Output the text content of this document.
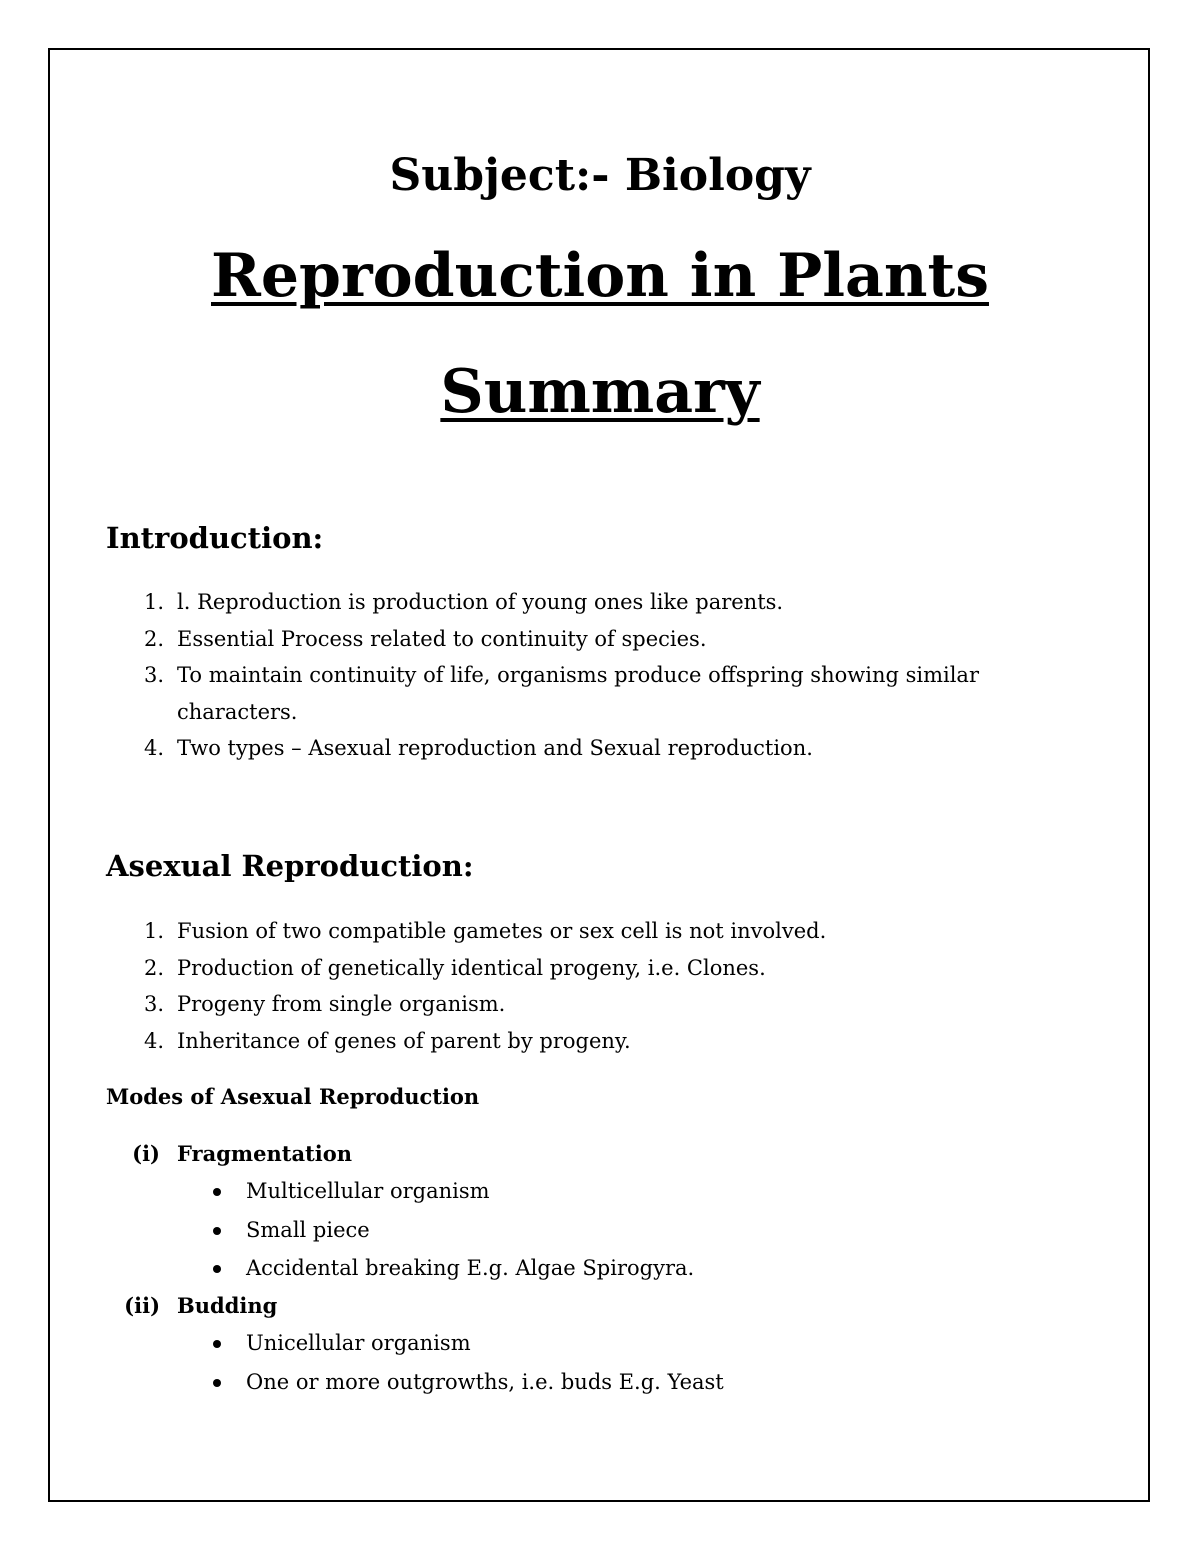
Subject:- Biology
Reproduction in Plants
Summary
Introduction:
1. l. Reproduction is production of young ones like parents.
2. Essential Process related to continuity of species.
3. To maintain continuity of life, organisms produce offspring showing similar characters.
4. Two types – Asexual reproduction and Sexual reproduction.
Asexual Reproduction:
1. Fusion of two compatible gametes or sex cell is not involved.
2. Production of genetically identical progeny, i.e. Clones.
3. Progeny from single organism.
4. Inheritance of genes of parent by progeny.
Modes of Asexual Reproduction
(i) Fragmentation
Multicellular organism
Small piece
Accidental breaking E.g. Algae Spirogyra.
(ii) Budding
Unicellular organism
One or more outgrowths, i.e. buds E.g. Yeast
